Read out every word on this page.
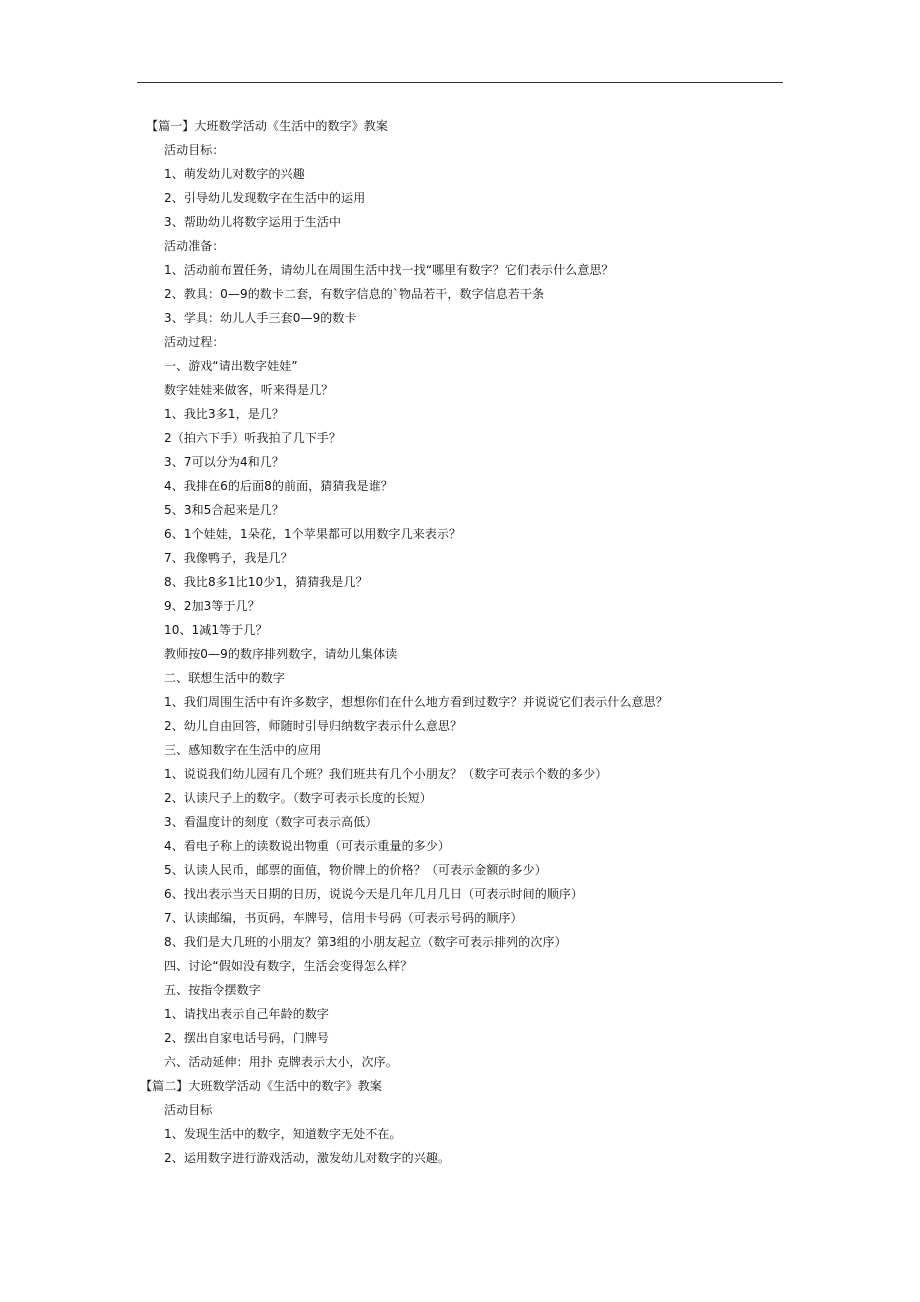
【篇一】大班数学活动《生活中的数字》教案
活动目标：
1、萌发幼儿对数字的兴趣
2、引导幼儿发现数字在生活中的运用
3、帮助幼儿将数字运用于生活中
活动准备：
1、活动前布置任务，请幼儿在周围生活中找一找“哪里有数字？它们表示什么意思？
2、教具：0—9的数卡二套，有数字信息的`物品若干，数字信息若干条
3、学具：幼儿人手三套0—9的数卡
活动过程：
一、游戏“请出数字娃娃”
数字娃娃来做客，听来得是几？
1、我比3多1，是几？
2（拍六下手）听我拍了几下手？
3、7可以分为4和几？
4、我排在6的后面8的前面，猜猜我是谁？
5、3和5合起来是几？
6、1个娃娃，1朵花，1个苹果都可以用数字几来表示？
7、我像鸭子，我是几？
8、我比8多1比10少1，猜猜我是几？
9、2加3等于几？
10、1减1等于几？
教师按0—9的数序排列数字，请幼儿集体读
二、联想生活中的数字
1、我们周围生活中有许多数字，想想你们在什么地方看到过数字？并说说它们表示什么意思？
2、幼儿自由回答，师随时引导归纳数字表示什么意思？
三、感知数字在生活中的应用
1、说说我们幼儿园有几个班？我们班共有几个小朋友？（数字可表示个数的多少）
2、认读尺子上的数字。（数字可表示长度的长短）
3、看温度计的刻度（数字可表示高低）
4、看电子称上的读数说出物重（可表示重量的多少）
5、认读人民币，邮票的面值，物价牌上的价格？（可表示金额的多少）
6、找出表示当天日期的日历，说说今天是几年几月几日（可表示时间的顺序）
7、认读邮编，书页码，车牌号，信用卡号码（可表示号码的顺序）
8、我们是大几班的小朋友？第3组的小朋友起立（数字可表示排列的次序）
四、讨论“假如没有数字，生活会变得怎么样？
五、按指令摆数字
1、请找出表示自己年龄的数字
2、摆出自家电话号码，门牌号
六、活动延伸：用扑 克牌表示大小，次序。
【篇二】大班数学活动《生活中的数字》教案
活动目标
1、发现生活中的数字，知道数字无处不在。
2、运用数字进行游戏活动，激发幼儿对数字的兴趣。
